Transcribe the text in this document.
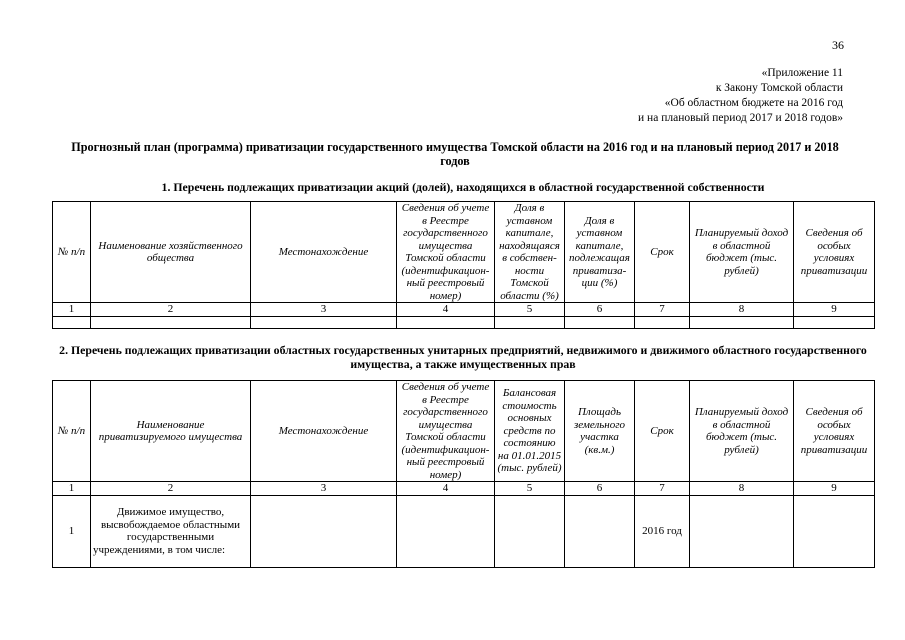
36
«Приложение 11
к Закону Томской области
«Об областном бюджете на 2016 год
и на плановый период 2017 и 2018 годов»
Прогнозный план (программа) приватизации государственного имущества Томской области на 2016 год и на плановый период 2017 и 2018 годов
1. Перечень подлежащих приватизации акций (долей), находящихся в областной государственной собственности
№ п/п	Наименование хозяйственного общества	Местонахождение	Сведения об учете в Реестре государственного имущества Томской области (идентификацион-ный реестровый номер)	Доля в уставном капитале, находящаяся в собствен-ности Томской области (%)	Доля в уставном капитале, подлежащая приватиза-ции (%)	Срок	Планируемый доход в областной бюджет (тыс. рублей)	Сведения об особых условиях приватизации
1	2	3	4	5	6	7	8	9

2. Перечень подлежащих приватизации областных государственных унитарных предприятий, недвижимого и движимого областного государственного имущества, а также имущественных прав
№ п/п	Наименование приватизируемого имущества	Местонахождение	Сведения об учете в Реестре государственного имущества Томской области (идентификацион-ный реестровый номер)	Балансовая стоимость основных средств по состоянию на 01.01.2015 (тыс. рублей)	Площадь земельного участка (кв.м.)	Срок	Планируемый доход в областной бюджет (тыс. рублей)	Сведения об особых условиях приватизации
1	2	3	4	5	6	7	8	9
1	Движимое имущество, высвобождаемое областными государственными учреждениями, в том числе:					2016 год		
